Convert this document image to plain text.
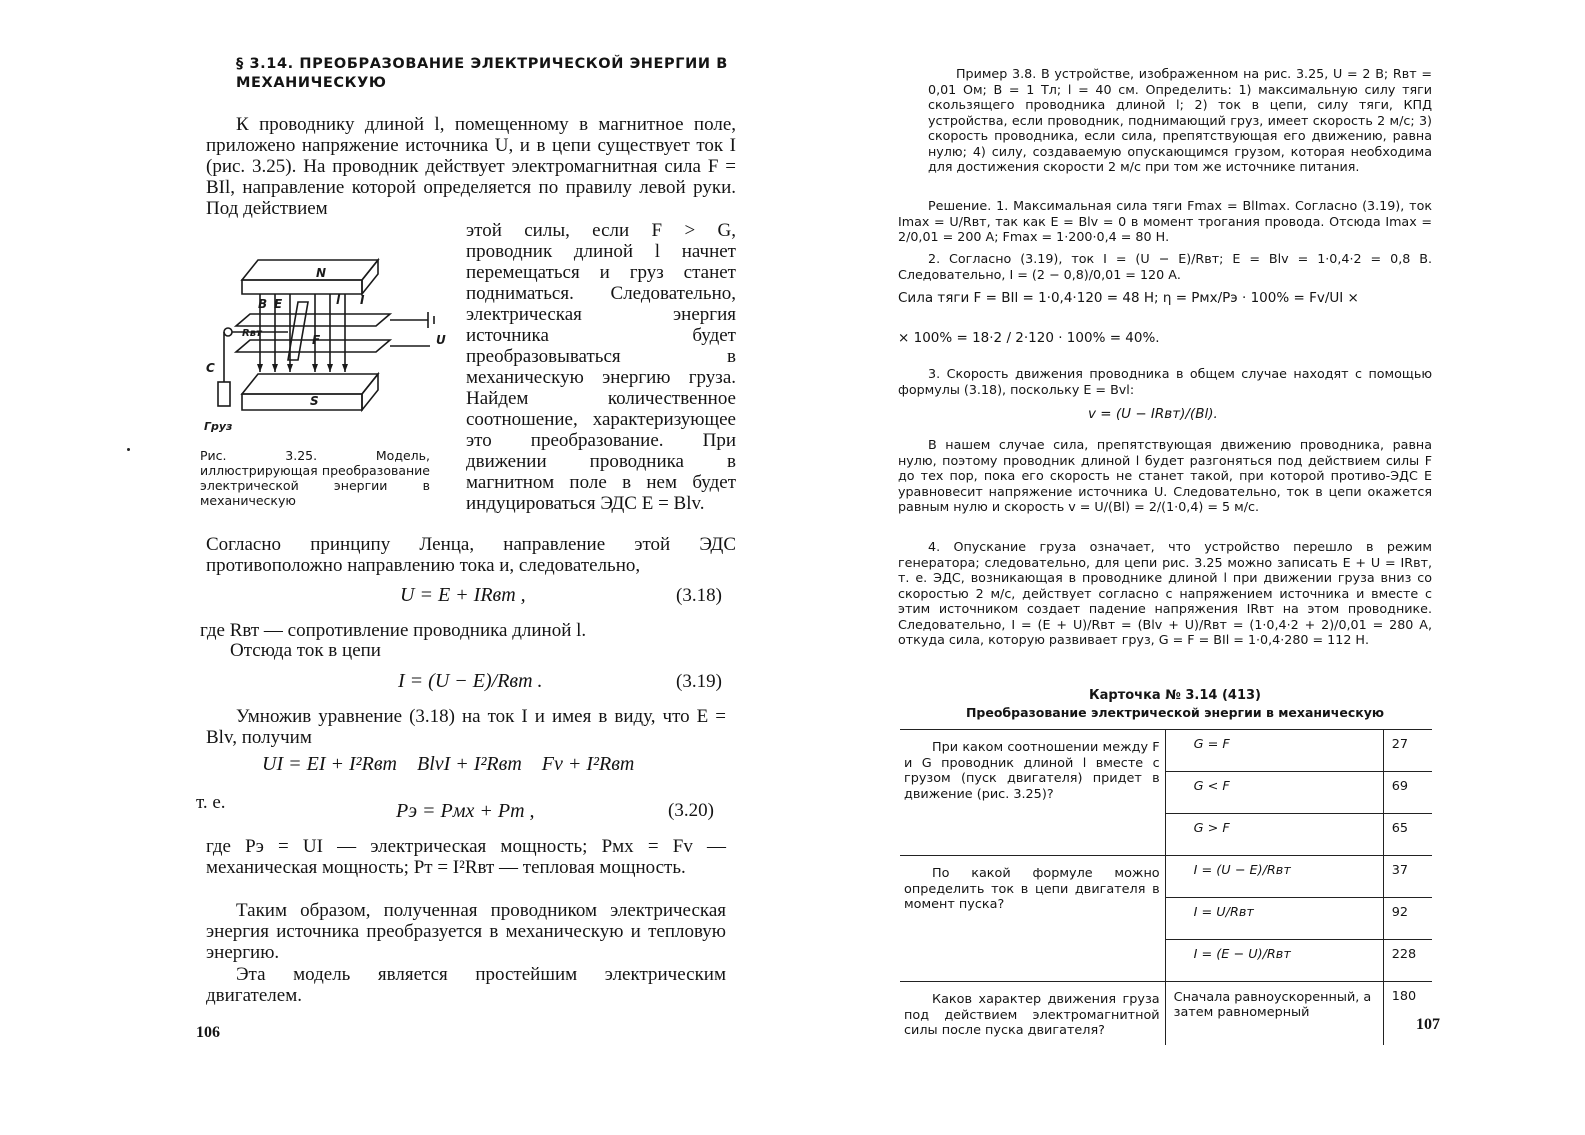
§ 3.14. ПРЕОБРАЗОВАНИЕ ЭЛЕКТРИЧЕСКОЙ ЭНЕРГИИ В МЕХАНИЧЕСКУЮ
К проводнику длиной l, помещенному в магнитное поле, приложено напряжение источника U, и в цепи существует ток I (рис. 3.25). На проводник действует электромагнитная сила F = BIl, направление которой определяется по правилу левой руки. Под действием
N
S
B E	l I
F
Rвт
C
U
Груз
Рис. 3.25. Модель, иллюстрирующая преобразование электрической энергии в механическую
этой силы, если F > G, проводник длиной l начнет перемещаться и груз станет подниматься. Следовательно, электрическая энергия источника будет преобразовываться в механическую энергию груза. Найдем количественное соотношение, характеризующее это преобразование. При движении проводника в магнитном поле в нем будет индуцироваться ЭДС E = Blv.
Согласно принципу Ленца, направление этой ЭДС противоположно направлению тока и, следовательно,
U = E + IRвт ,	(3.18)
где Rвт — сопротивление проводника длиной l.
Отсюда ток в цепи
I = (U − E)/Rвт .	(3.19)
Умножив уравнение (3.18) на ток I и имея в виду, что E = Blv, получим
UI = EI + I²Rвт    BlvI + I²Rвт    Fv + I²Rвт
т. е.	Pэ = Pмх + Pт ,	(3.20)
где Pэ = UI — электрическая мощность; Pмх = Fv — механическая мощность; Pт = I²Rвт — тепловая мощность.
Таким образом, полученная проводником электрическая энергия источника преобразуется в механическую и тепловую энергию.
Эта модель является простейшим электрическим двигателем.
106
Пример 3.8. В устройстве, изображенном на рис. 3.25, U = 2 В; Rвт = 0,01 Ом; B = 1 Тл; l = 40 см. Определить: 1) максимальную силу тяги скользящего проводника длиной l; 2) ток в цепи, силу тяги, КПД устройства, если проводник, поднимающий груз, имеет скорость 2 м/с; 3) скорость проводника, если сила, препятствующая его движению, равна нулю; 4) силу, создаваемую опускающимся грузом, которая необходима для достижения скорости 2 м/с при том же источнике питания.
Решение. 1. Максимальная сила тяги Fmax = BlImax. Согласно (3.19), ток Imax = U/Rвт, так как E = Blv = 0 в момент трогания провода. Отсюда Imax = 2/0,01 = 200 А; Fmax = 1·200·0,4 = 80 Н.
2. Согласно (3.19), ток I = (U − E)/Rвт; E = Blv = 1·0,4·2 = 0,8 В. Следовательно, I = (2 − 0,8)/0,01 = 120 А.
Сила тяги F = BIl = 1·0,4·120 = 48 Н; η = Pмх/Pэ · 100% = Fv/UI ×
× 100% = 18·2 / 2·120 · 100% = 40%.
3. Скорость движения проводника в общем случае находят с помощью формулы (3.18), поскольку E = Bvl:
v = (U − IRвт)/(Bl).
В нашем случае сила, препятствующая движению проводника, равна нулю, поэтому проводник длиной l будет разгоняться под действием силы F до тех пор, пока его скорость не станет такой, при которой противо-ЭДС E уравновесит напряжение источника U. Следовательно, ток в цепи окажется равным нулю и скорость v = U/(Bl) = 2/(1·0,4) = 5 м/с.
4. Опускание груза означает, что устройство перешло в режим генератора; следовательно, для цепи рис. 3.25 можно записать E + U = IRвт, т. е. ЭДС, возникающая в проводнике длиной l при движении груза вниз со скоростью 2 м/с, действует согласно с напряжением источника и вместе с этим источником создает падение напряжения IRвт на этом проводнике. Следовательно, I = (E + U)/Rвт = (Blv + U)/Rвт = (1·0,4·2 + 2)/0,01 = 280 А, откуда сила, которую развивает груз, G = F = BIl = 1·0,4·280 = 112 Н.
Карточка № 3.14 (413)
Преобразование электрической энергии в механическую
При каком соотношении между F и G проводник длиной l вместе с грузом (пуск двигателя) придет в движение (рис. 3.25)?	G = F	27
	G < F	69
	G > F	65
По какой формуле можно определить ток в цепи двигателя в момент пуска?	I = (U − E)/Rвт	37
	I = U/Rвт	92
	I = (E − U)/Rвт	228
Каков характер движения груза под действием электромагнитной силы после пуска двигателя?	Сначала равноускоренный, а затем равномерный	180
107
